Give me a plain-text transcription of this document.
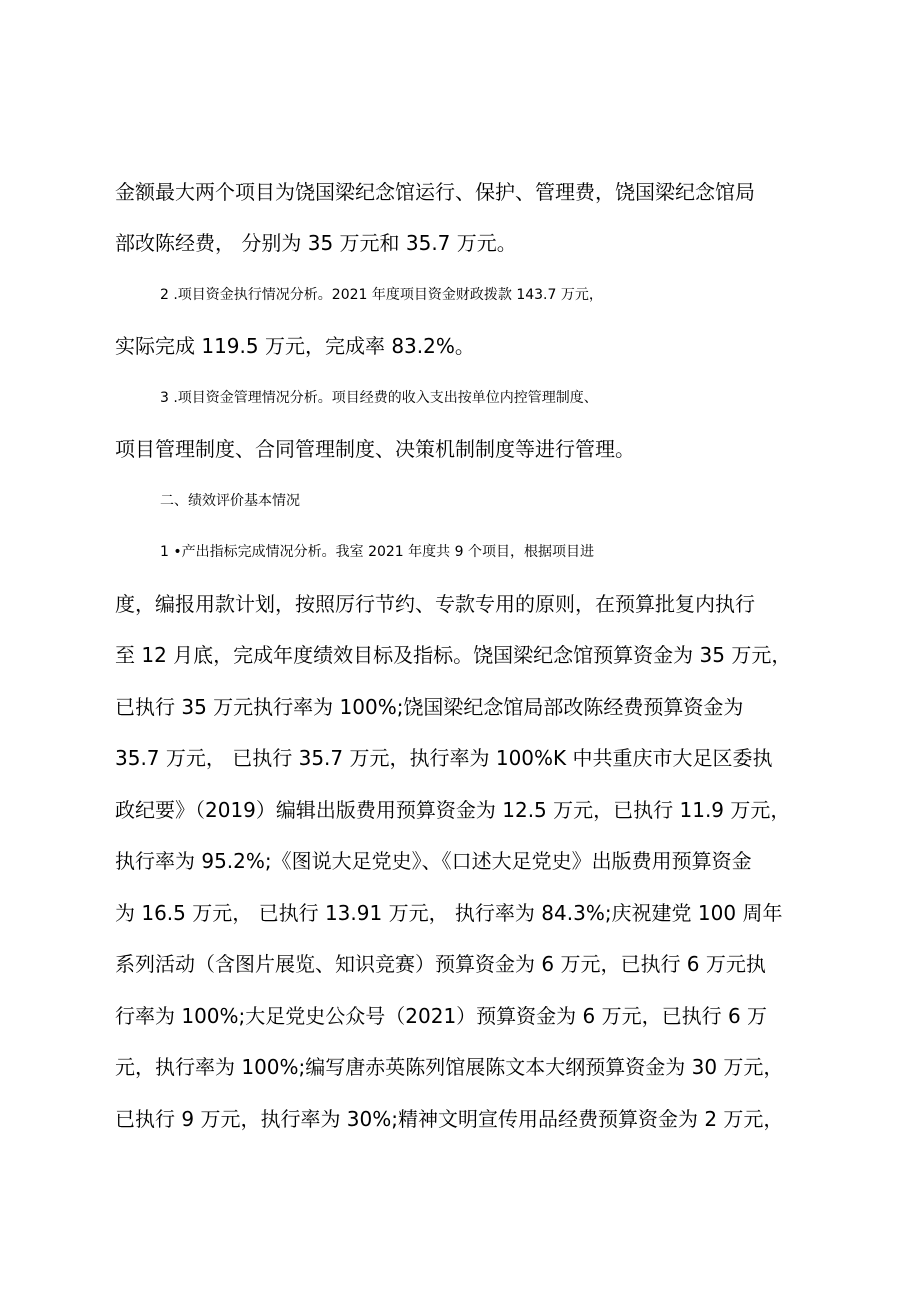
金额最大两个项目为饶国梁纪念馆运行、保护、管理费，饶国梁纪念馆局
部改陈经费， 分别为 35 万元和 35.7 万元。
2 .项目资金执行情况分析。2021 年度项目资金财政拨款 143.7 万元，
实际完成 119.5 万元，完成率 83.2%。
3 .项目资金管理情况分析。项目经费的收入支出按单位内控管理制度、
项目管理制度、合同管理制度、决策机制制度等进行管理。
二、绩效评价基本情况
1 •产出指标完成情况分析。我室 2021 年度共 9 个项目，根据项目进
度，编报用款计划，按照厉行节约、专款专用的原则，在预算批复内执行
至 12 月底，完成年度绩效目标及指标。饶国梁纪念馆预算资金为 35 万元，
已执行 35 万元执行率为 100%;饶国梁纪念馆局部改陈经费预算资金为
35.7 万元， 已执行 35.7 万元，执行率为 100%K 中共重庆市大足区委执
政纪要》（2019）编辑出版费用预算资金为 12.5 万元，已执行 11.9 万元，
执行率为 95.2%;《图说大足党史》、《口述大足党史》出版费用预算资金
为 16.5 万元， 已执行 13.91 万元， 执行率为 84.3%;庆祝建党 100 周年
系列活动（含图片展览、知识竞赛）预算资金为 6 万元，已执行 6 万元执
行率为 100%;大足党史公众号（2021）预算资金为 6 万元，已执行 6 万
元，执行率为 100%;编写唐赤英陈列馆展陈文本大纲预算资金为 30 万元，
已执行 9 万元，执行率为 30%;精神文明宣传用品经费预算资金为 2 万元，
